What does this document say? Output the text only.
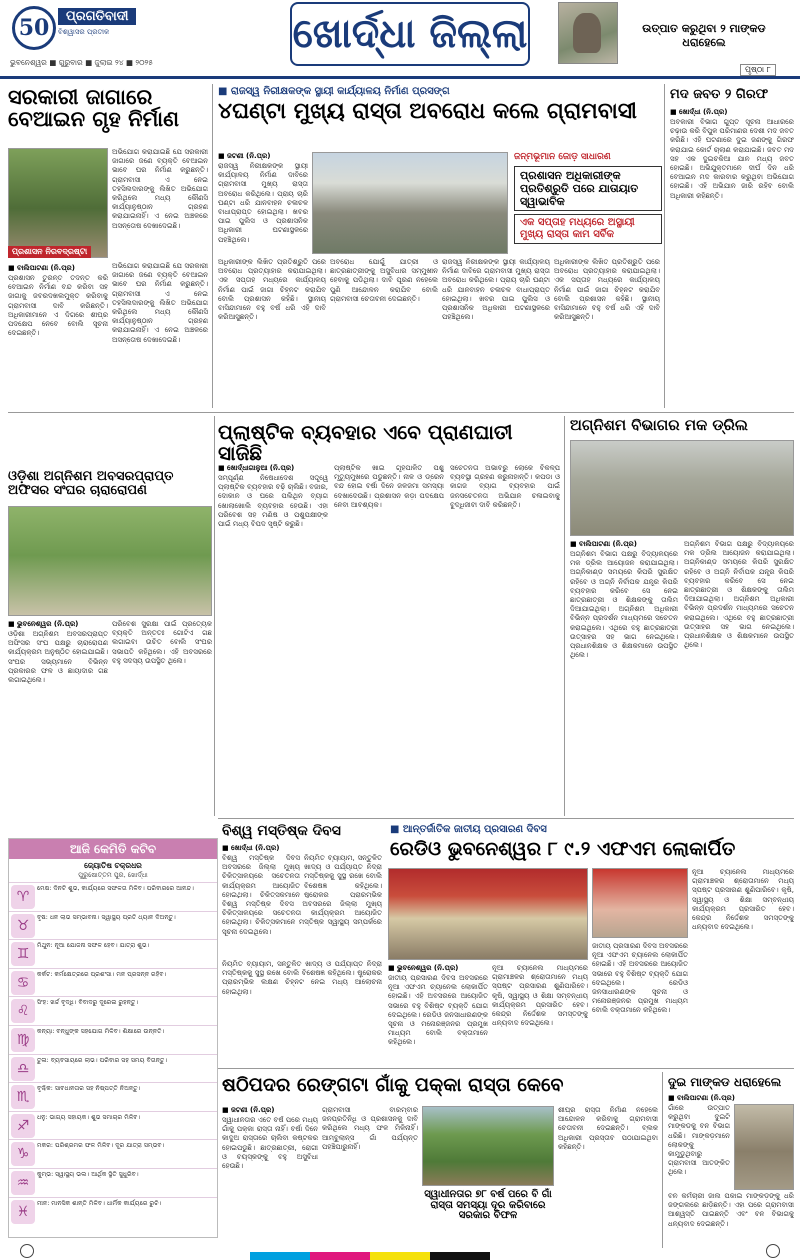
50	ପ୍ରଗତିବାଦୀ
ବିଶ୍ୱାସର ପ୍ରତୀକ
ଭୁବନେଶ୍ୱର ■ ଗୁରୁବାର ■ ଜୁଲାଇ ୨୪ ■ ୨୦୨୫
ଖୋର୍ଦ୍ଧା ଜିଲ୍ଲା	ଉତ୍ପାତ କରୁଥିବା ୨ ମାଙ୍କଡ ଧରାହେଲେ
ପୃଷ୍ଠା ୮
ସରକାରୀ ଜାଗାରେ ବେଆଇନ ଗୃହ ନିର୍ମାଣ
ପ୍ରଶାସନ ନିରବଦ୍ରଷ୍ଟା
ଅଭିଯୋଗ କରାଯାଇଛି ଯେ ସରକାରୀ ଜାଗାରେ ଜଣେ ବ୍ୟକ୍ତି ବେଆଇନ ଭାବେ ଘର ନିର୍ମାଣ କରୁଛନ୍ତି। ଗ୍ରାମବାସୀ ଏ ନେଇ ତହସିଲଦାରଙ୍କୁ ଲିଖିତ ଅଭିଯୋଗ କରିଥିଲେ ମଧ୍ୟ କୌଣସି କାର୍ଯ୍ୟାନୁଷ୍ଠାନ ଗ୍ରହଣ କରାଯାଇନାହିଁ। ଏ ନେଇ ଅଞ୍ଚଳରେ ଅସନ୍ତୋଷ ଦେଖାଦେଇଛି।
■ ବାଲିପାଟଣା (ନି.ପ୍ର)
ପ୍ରଶାସନ ତୁରନ୍ତ ତଦନ୍ତ କରି ବେଆଇନ ନିର୍ମାଣ ବନ୍ଦ କରିବା ସହ ଜାଗାକୁ ଜବରଦଖଲମୁକ୍ତ କରିବାକୁ ଗ୍ରାମବାସୀ ଦାବି କରିଛନ୍ତି। ଅଧିକାରୀମାନେ ଏ ଦିଗରେ ଶୀଘ୍ର ପଦକ୍ଷେପ ନେବେ ବୋଲି ସୂଚନା ଦେଇଛନ୍ତି।
ଅଭିଯୋଗ କରାଯାଇଛି ଯେ ସରକାରୀ ଜାଗାରେ ଜଣେ ବ୍ୟକ୍ତି ବେଆଇନ ଭାବେ ଘର ନିର୍ମାଣ କରୁଛନ୍ତି। ଗ୍ରାମବାସୀ ଏ ନେଇ ତହସିଲଦାରଙ୍କୁ ଲିଖିତ ଅଭିଯୋଗ କରିଥିଲେ ମଧ୍ୟ କୌଣସି କାର୍ଯ୍ୟାନୁଷ୍ଠାନ ଗ୍ରହଣ କରାଯାଇନାହିଁ। ଏ ନେଇ ଅଞ୍ଚଳରେ ଅସନ୍ତୋଷ ଦେଖାଦେଇଛି।
■ ରାଜସ୍ୱ ନିରୀକ୍ଷକଙ୍କ ସ୍ଥାୟୀ କାର୍ଯ୍ୟାଳୟ ନିର୍ମାଣ ପ୍ରସଙ୍ଗ
୪ଘଣ୍ଟା ମୁଖ୍ୟ ରାସ୍ତା ଅବରୋଧ କଲେ ଗ୍ରାମବାସୀ
■ ଜଟଣୀ (ନି.ପ୍ର)
ରାଜସ୍ୱ ନିରୀକ୍ଷକଙ୍କ ସ୍ଥାୟୀ କାର୍ଯ୍ୟାଳୟ ନିର୍ମାଣ ଦାବିରେ ଗ୍ରାମବାସୀ ମୁଖ୍ୟ ରାସ୍ତା ଅବରୋଧ କରିଥିଲେ। ପ୍ରାୟ ଚାରି ଘଣ୍ଟା ଧରି ଯାନବାହନ ଚଳାଚଳ ବାଧାପ୍ରାପ୍ତ ହୋଇଥିଲା। ଖବର ପାଇ ପୁଲିସ ଓ ପ୍ରଶାସନିକ ଅଧିକାରୀ ଘଟଣାସ୍ଥଳରେ ପହଞ୍ଚିଥିଲେ।
ଜନ୍ମଭୂମାନ ଜୋଡ଼ ସାଧାରଣ
ପ୍ରଶାସନ ଅଧିକାରୀଙ୍କ ପ୍ରତିଶ୍ରୁତି ପରେ ଯାତାୟାତ ସ୍ୱାଭାବିକ
ଏକ ସପ୍ତାହ ମଧ୍ୟରେ ଅସ୍ଥାୟୀ ମୁଖ୍ୟ ରାସ୍ତା କାମ ସର୍ବିକ
ଅଧିକାରୀଙ୍କ ଲିଖିତ ପ୍ରତିଶ୍ରୁତି ପରେ ଅବରୋଧ ପ୍ରତ୍ୟାହାର କରାଯାଇଥିଲା। ଏକ ସପ୍ତାହ ମଧ୍ୟରେ କାର୍ଯ୍ୟାଳୟ ନିର୍ମାଣ ପାଇଁ ଜାଗା ଚିହ୍ନଟ କରାଯିବ ବୋଲି ପ୍ରଶାସନ କହିଛି। ସ୍ଥାନୀୟ ବାସିନ୍ଦାମାନେ ବହୁ ବର୍ଷ ଧରି ଏହି ଦାବି କରିଆସୁଛନ୍ତି।
ଅବରୋଧ ଯୋଗୁଁ ଯାତ୍ରୀ ଓ ଛାତ୍ରଛାତ୍ରୀଙ୍କୁ ଅସୁବିଧାର ସମ୍ମୁଖୀନ ହେବାକୁ ପଡିଥିଲା। ଦାବି ପୂରଣ ନହେଲେ ପୁଣି ଆନ୍ଦୋଳନ କରାଯିବ ବୋଲି ଗ୍ରାମବାସୀ ଚେତାବନୀ ଦେଇଛନ୍ତି।
ରାଜସ୍ୱ ନିରୀକ୍ଷକଙ୍କ ସ୍ଥାୟୀ କାର୍ଯ୍ୟାଳୟ ନିର୍ମାଣ ଦାବିରେ ଗ୍ରାମବାସୀ ମୁଖ୍ୟ ରାସ୍ତା ଅବରୋଧ କରିଥିଲେ। ପ୍ରାୟ ଚାରି ଘଣ୍ଟା ଧରି ଯାନବାହନ ଚଳାଚଳ ବାଧାପ୍ରାପ୍ତ ହୋଇଥିଲା। ଖବର ପାଇ ପୁଲିସ ଓ ପ୍ରଶାସନିକ ଅଧିକାରୀ ଘଟଣାସ୍ଥଳରେ ପହଞ୍ଚିଥିଲେ।
ଅଧିକାରୀଙ୍କ ଲିଖିତ ପ୍ରତିଶ୍ରୁତି ପରେ ଅବରୋଧ ପ୍ରତ୍ୟାହାର କରାଯାଇଥିଲା। ଏକ ସପ୍ତାହ ମଧ୍ୟରେ କାର୍ଯ୍ୟାଳୟ ନିର୍ମାଣ ପାଇଁ ଜାଗା ଚିହ୍ନଟ କରାଯିବ ବୋଲି ପ୍ରଶାସନ କହିଛି। ସ୍ଥାନୀୟ ବାସିନ୍ଦାମାନେ ବହୁ ବର୍ଷ ଧରି ଏହି ଦାବି କରିଆସୁଛନ୍ତି।
ମଦ ଜବତ ୨ ଗିରଫ
■ ଖୋର୍ଦ୍ଧା (ନି.ପ୍ର)
ଅବକାରୀ ବିଭାଗ ଗୁପ୍ତ ସୂଚନା ଆଧାରରେ ଚଢ଼ାଉ କରି ବିପୁଳ ପରିମାଣର ଦେଶୀ ମଦ ଜବତ କରିଛି। ଏହି ଘଟଣାରେ ଦୁଇ ଜଣଙ୍କୁ ଗିରଫ କରାଯାଇ କୋର୍ଟ ଚାଲାଣ କରାଯାଇଛି। ଜବତ ମଦ ସହ ଏକ ଦୁଇଚକିଆ ଯାନ ମଧ୍ୟ ଜବତ ହୋଇଛି। ଅଭିଯୁକ୍ତମାନେ ଦୀର୍ଘ ଦିନ ଧରି ବେଆଇନ ମଦ କାରବାର କରୁଥିବା ଅଭିଯୋଗ ହୋଇଛି। ଏହି ଅଭିଯାନ ଜାରି ରହିବ ବୋଲି ଅଧିକାରୀ କହିଛନ୍ତି।
ପ୍ଲାଷ୍ଟିକ ବ୍ୟବହାର ଏବେ ପ୍ରାଣଘାତୀ ସାଜିଛି
■ ଖୋର୍ଦ୍ଧାଗାଳୁଆ (ନି.ପ୍ର)
ସମ୍ପୂର୍ଣ୍ଣ ନିଷେଧାଦେଶ ସତ୍ତ୍ୱେ ପ୍ଲାଷ୍ଟିକ ବ୍ୟବହାର ବଢ଼ି ଚାଲିଛି। ବଜାର, ଦୋକାନ ଓ ଘରେ ପଲିଥିନ ବ୍ୟାଗ ଖୋଲାଖୋଲି ବ୍ୟବହାର ହେଉଛି। ଏହା ପରିବେଶ ସହ ମଣିଷ ଓ ପଶୁପକ୍ଷୀଙ୍କ ପାଇଁ ମଧ୍ୟ ବିପଦ ସୃଷ୍ଟି କରୁଛି।
ପ୍ଲାଷ୍ଟିକ ଖାଇ ଗୃହପାଳିତ ପଶୁ ମୃତ୍ୟୁମୁଖରେ ପଡୁଛନ୍ତି। ନାଳ ଓ ଡ୍ରେନ ବନ୍ଦ ହୋଇ ବର୍ଷା ଦିନେ ଜଳଜମା ସମସ୍ୟା ଦେଖାଦେଉଛି। ପ୍ରଶାସନ କଡ଼ା ପଦକ୍ଷେପ ନେବା ଆବଶ୍ୟକ।
ସଚେତନତା ଅଭାବରୁ ଲୋକେ ବିକଳ୍ପ ବ୍ୟବସ୍ଥା ଗ୍ରହଣ କରୁନାହାନ୍ତି। କପଡା ଓ କାଗଜ ବ୍ୟାଗ ବ୍ୟବହାର ପାଇଁ ଜନସଚେତନତା ଅଭିଯାନ ଚଳାଇବାକୁ ବୁଦ୍ଧିଜୀବୀ ଦାବି କରିଛନ୍ତି।
ଅଗ୍ନିଶମ ବିଭାଗର ମକ ଡ୍ରିଲ
■ ବାଲିପାଟଣା (ନି.ପ୍ର)
ଅଗ୍ନିଶମ ବିଭାଗ ପକ୍ଷରୁ ବିଦ୍ୟାଳୟରେ ମକ ଡ୍ରିଲ ଆୟୋଜନ କରାଯାଇଥିଲା। ଅଗ୍ନିକାଣ୍ଡ ସମୟରେ କିପରି ସୁରକ୍ଷିତ ରହିବେ ଓ ଅଗ୍ନି ନିର୍ବାପକ ଯନ୍ତ୍ର କିପରି ବ୍ୟବହାର କରିବେ ସେ ନେଇ ଛାତ୍ରଛାତ୍ରୀ ଓ ଶିକ୍ଷକଙ୍କୁ ତାଲିମ ଦିଆଯାଇଥିଲା। ଅଗ୍ନିଶମ ଅଧିକାରୀ ବିଭିନ୍ନ ପ୍ରଦର୍ଶନ ମାଧ୍ୟମରେ ସଚେତନ କରାଇଥିଲେ। ଏଥିରେ ବହୁ ଛାତ୍ରଛାତ୍ରୀ ଉତ୍ସାହର ସହ ଭାଗ ନେଇଥିଲେ। ପ୍ରଧାନଶିକ୍ଷକ ଓ ଶିକ୍ଷକମାନେ ଉପସ୍ଥିତ ଥିଲେ।
ଅଗ୍ନିଶମ ବିଭାଗ ପକ୍ଷରୁ ବିଦ୍ୟାଳୟରେ ମକ ଡ୍ରିଲ ଆୟୋଜନ କରାଯାଇଥିଲା। ଅଗ୍ନିକାଣ୍ଡ ସମୟରେ କିପରି ସୁରକ୍ଷିତ ରହିବେ ଓ ଅଗ୍ନି ନିର୍ବାପକ ଯନ୍ତ୍ର କିପରି ବ୍ୟବହାର କରିବେ ସେ ନେଇ ଛାତ୍ରଛାତ୍ରୀ ଓ ଶିକ୍ଷକଙ୍କୁ ତାଲିମ ଦିଆଯାଇଥିଲା। ଅଗ୍ନିଶମ ଅଧିକାରୀ ବିଭିନ୍ନ ପ୍ରଦର୍ଶନ ମାଧ୍ୟମରେ ସଚେତନ କରାଇଥିଲେ। ଏଥିରେ ବହୁ ଛାତ୍ରଛାତ୍ରୀ ଉତ୍ସାହର ସହ ଭାଗ ନେଇଥିଲେ। ପ୍ରଧାନଶିକ୍ଷକ ଓ ଶିକ୍ଷକମାନେ ଉପସ୍ଥିତ ଥିଲେ।
ଓଡ଼ିଶା ଅଗ୍ନିଶମ ଅବସରପ୍ରାପ୍ତ ଅଫିସର ସଂଘର ଚାରାରୋପଣ
■ ଭୁବନେଶ୍ୱର (ନି.ପ୍ର)
ଓଡ଼ିଶା ଅଗ୍ନିଶମ ଅବସରପ୍ରାପ୍ତ ଅଫିସର ସଂଘ ପକ୍ଷରୁ ଚାରାରୋପଣ କାର୍ଯ୍ୟକ୍ରମ ଅନୁଷ୍ଠିତ ହୋଇଯାଇଛି। ସଂଘର ସଭ୍ୟମାନେ ବିଭିନ୍ନ ପ୍ରକାରର ଫଳ ଓ ଛାୟାଦାର ଗଛ ଲଗାଇଥିଲେ।
ପରିବେଶ ସୁରକ୍ଷା ପାଇଁ ପ୍ରତ୍ୟେକ ବ୍ୟକ୍ତି ଅନ୍ତତଃ ଗୋଟିଏ ଗଛ ଲଗାଇବା ଉଚିତ ବୋଲି ସଂଘର ସଭାପତି କହିଥିଲେ। ଏହି ଅବସରରେ ବହୁ ସଦସ୍ୟ ଉପସ୍ଥିତ ଥିଲେ।
ଆଜି କେମିତି କଟିବ
ଜ୍ୟୋତିଷ ଚକ୍ରଧର
ପୁରୁଷୋତ୍ତମ ପୁର, ଖୋର୍ଦ୍ଧା
♈
ମେଷ: ଦିନଟି ଶୁଭ, କାର୍ଯ୍ୟରେ ସଫଳତା ମିଳିବ। ପରିବାରରେ ଆନନ୍ଦ।
♉
ବୃଷ: ଧନ ଲାଭ ସମ୍ଭାବନା। ସ୍ୱାସ୍ଥ୍ୟ ପ୍ରତି ଧ୍ୟାନ ଦିଅନ୍ତୁ।
♊
ମିଥୁନ: ନୂଆ ଯୋଜନା ସଫଳ ହେବ। ଯାତ୍ରା ଶୁଭ।
♋
କର୍କଟ: କର୍ମକ୍ଷେତ୍ରରେ ପ୍ରଶଂସା। ମନ ପ୍ରସନ୍ନ ରହିବ।
♌
ସିଂହ: ଖର୍ଚ୍ଚ ବୃଦ୍ଧି। ବିବାଦରୁ ଦୂରେଇ ରୁହନ୍ତୁ।
♍
କନ୍ୟା: ବନ୍ଧୁଙ୍କ ସହଯୋଗ ମିଳିବ। ଶିକ୍ଷାରେ ଉନ୍ନତି।
♎
ତୁଳା: ବ୍ୟବସାୟରେ ଲାଭ। ପରିବାର ସହ ସମୟ ବିତାନ୍ତୁ।
♏
ବୃଶ୍ଚିକ: ସାବଧାନତାର ସହ ନିଷ୍ପତ୍ତି ନିଅନ୍ତୁ।
♐
ଧନୁ: ଭାଗ୍ୟ ସହାୟକ। ଶୁଭ ସମାଚାର ମିଳିବ।
♑
ମକର: ପରିଶ୍ରମର ଫଳ ମିଳିବ। ଦୂର ଯାତ୍ରା ସମ୍ଭବ।
♒
କୁମ୍ଭ: ସ୍ୱାସ୍ଥ୍ୟ ଭଲ। ଆର୍ଥିକ ସ୍ଥିତି ସୁଧୁରିବ।
♓
ମୀନ: ମାନସିକ ଶାନ୍ତି ମିଳିବ। ଧାର୍ମିକ କାର୍ଯ୍ୟରେ ରୁଚି।
ବିଶ୍ୱ ମସ୍ତିଷ୍କ ଦିବସ
■ ଖୋର୍ଦ୍ଧା (ନି.ପ୍ର)
ବିଶ୍ୱ ମସ୍ତିଷ୍କ ଦିବସ ଅବସରରେ ଜିଲ୍ଲା ମୁଖ୍ୟ ଚିକିତ୍ସାଳୟରେ ସଚେତନତା କାର୍ଯ୍ୟକ୍ରମ ଆୟୋଜିତ ହୋଇଥିଲା। ଚିକିତ୍ସକମାନେ
ନିୟମିତ ବ୍ୟାୟାମ, ସନ୍ତୁଳିତ ଖାଦ୍ୟ ଓ ପର୍ଯ୍ୟାପ୍ତ ନିଦ୍ରା ମସ୍ତିଷ୍କକୁ ସୁସ୍ଥ ରଖେ ବୋଲି ବିଶେଷଜ୍ଞ କହିଥିଲେ। ଷ୍ଟ୍ରୋକର ପ୍ରାରମ୍ଭିକ
■ ଆନ୍ତର୍ଜାତିକ ଜାତୀୟ ପ୍ରସାରଣ ଦିବସ
ରେଡିଓ ଭୁବନେଶ୍ୱର ୮ ୯.୨ ଏଫଏମ ଲୋକାର୍ପିତ
ବିଶ୍ୱ ମସ୍ତିଷ୍କ ଦିବସ ଅବସରରେ ଜିଲ୍ଲା ମୁଖ୍ୟ ଚିକିତ୍ସାଳୟରେ ସଚେତନତା କାର୍ଯ୍ୟକ୍ରମ ଆୟୋଜିତ ହୋଇଥିଲା। ଚିକିତ୍ସକମାନେ ମସ୍ତିଷ୍କ ସ୍ୱାସ୍ଥ୍ୟ ସମ୍ପର୍କରେ ସୂଚନା ଦେଇଥିଲେ।
■ ଭୁବନେଶ୍ୱର (ନି.ପ୍ର)
ଜାତୀୟ ପ୍ରସାରଣ ଦିବସ ଅବସରରେ ନୂଆ ଏଫଏମ ଚ୍ୟାନେଲ ଲୋକାର୍ପିତ ହୋଇଛି। ଏହି ଅବସରରେ ଆୟୋଜିତ ସଭାରେ ବହୁ ବିଶିଷ୍ଟ ବ୍ୟକ୍ତି ଯୋଗ ଦେଇଥିଲେ। ରେଡିଓ ଜନସାଧାରଣଙ୍କ ସୂଚନା ଓ ମନୋରଞ୍ଜନର ପ୍ରମୁଖ ମାଧ୍ୟମ ବୋଲି ବକ୍ତାମାନେ କହିଥିଲେ।
ନୂଆ ଚ୍ୟାନେଲ ମାଧ୍ୟମରେ ଗ୍ରାମାଞ୍ଚଳର ଶ୍ରୋତାମାନେ ମଧ୍ୟ ସ୍ପଷ୍ଟ ପ୍ରସାରଣ ଶୁଣିପାରିବେ। କୃଷି, ସ୍ୱାସ୍ଥ୍ୟ ଓ ଶିକ୍ଷା ସମ୍ବନ୍ଧୀୟ କାର୍ଯ୍ୟକ୍ରମ ପ୍ରସାରିତ ହେବ। କେନ୍ଦ୍ର ନିର୍ଦ୍ଦେଶକ ସମସ୍ତଙ୍କୁ ଧନ୍ୟବାଦ ଦେଇଥିଲେ।
ଜାତୀୟ ପ୍ରସାରଣ ଦିବସ ଅବସରରେ ନୂଆ ଏଫଏମ ଚ୍ୟାନେଲ ଲୋକାର୍ପିତ ହୋଇଛି। ଏହି ଅବସରରେ ଆୟୋଜିତ ସଭାରେ ବହୁ ବିଶିଷ୍ଟ ବ୍ୟକ୍ତି ଯୋଗ ଦେଇଥିଲେ। ରେଡିଓ ଜନସାଧାରଣଙ୍କ ସୂଚନା ଓ ମନୋରଞ୍ଜନର ପ୍ରମୁଖ ମାଧ୍ୟମ ବୋଲି ବକ୍ତାମାନେ କହିଥିଲେ।
ନୂଆ ଚ୍ୟାନେଲ ମାଧ୍ୟମରେ ଗ୍ରାମାଞ୍ଚଳର ଶ୍ରୋତାମାନେ ମଧ୍ୟ ସ୍ପଷ୍ଟ ପ୍ରସାରଣ ଶୁଣିପାରିବେ। କୃଷି, ସ୍ୱାସ୍ଥ୍ୟ ଓ ଶିକ୍ଷା ସମ୍ବନ୍ଧୀୟ କାର୍ଯ୍ୟକ୍ରମ ପ୍ରସାରିତ ହେବ। କେନ୍ଦ୍ର ନିର୍ଦ୍ଦେଶକ ସମସ୍ତଙ୍କୁ ଧନ୍ୟବାଦ ଦେଇଥିଲେ।
ନିୟମିତ ବ୍ୟାୟାମ, ସନ୍ତୁଳିତ ଖାଦ୍ୟ ଓ ପର୍ଯ୍ୟାପ୍ତ ନିଦ୍ରା ମସ୍ତିଷ୍କକୁ ସୁସ୍ଥ ରଖେ ବୋଲି ବିଶେଷଜ୍ଞ କହିଥିଲେ। ଷ୍ଟ୍ରୋକର ପ୍ରାରମ୍ଭିକ ଲକ୍ଷଣ ଚିହ୍ନଟ ନେଇ ମଧ୍ୟ ଆଲୋଚନା ହୋଇଥିଲା।
ଷଠିପଦର ରେଙ୍ଗଟା ଗାଁକୁ ପକ୍କା ରାସ୍ତା କେବେ
■ ଜଟଣୀ (ନି.ପ୍ର)
ସ୍ୱାଧୀନତାର ଏତେ ବର୍ଷ ପରେ ମଧ୍ୟ ଗାଁକୁ ପକ୍କା ରାସ୍ତା ନାହିଁ। ବର୍ଷା ଦିନେ କାଦୁଅ ରାସ୍ତାରେ ଚାଲିବା କଷ୍ଟକର ହୋଇପଡୁଛି। ଛାତ୍ରଛାତ୍ରୀ, ରୋଗୀ ଓ ବୟସ୍କଙ୍କୁ ବହୁ ଅସୁବିଧା ହେଉଛି।
ଗ୍ରାମବାସୀ ବାରମ୍ବାର ଜନପ୍ରତିନିଧି ଓ ପ୍ରଶାସନକୁ ଦାବି କରିଥିଲେ ମଧ୍ୟ ଫଳ ମିଳିନାହିଁ। ଆମ୍ବୁଲାନ୍ସ ଗାଁ ପର୍ଯ୍ୟନ୍ତ ପହଞ୍ଚିପାରୁନାହିଁ।
ସ୍ୱାଧୀନତାର ୭୮ ବର୍ଷ ପରେ ବି ଗାଁ ରାସ୍ତା ସମସ୍ୟା ଦୂର କରିବାରେ ସରକାର ବିଫଳ
ଶୀଘ୍ର ରାସ୍ତା ନିର୍ମାଣ ନହେଲେ ଆନ୍ଦୋଳନ କରିବାକୁ ଗ୍ରାମବାସୀ ଚେତାବନୀ ଦେଇଛନ୍ତି। ବ୍ଲକ ଅଧିକାରୀ ପ୍ରସ୍ତାବ ପଠାଯାଇଥିବା କହିଛନ୍ତି।
ଦୁଇ ମାଙ୍କଡ ଧରାହେଲେ
■ ବାଲିପାଟଣା (ନି.ପ୍ର)
ଗାଁରେ ଉତ୍ପାତ କରୁଥିବା ଦୁଇଟି ମାଙ୍କଡକୁ ବନ ବିଭାଗ ଧରିଛି। ମାଙ୍କଡ଼ମାନେ ଲୋକଙ୍କୁ କାମୁଡୁଥିବାରୁ ଗ୍ରାମବାସୀ ଆତଙ୍କିତ ଥିଲେ।
ବନ କର୍ମଚାରୀ ଜାଲ ପକାଇ ମାଙ୍କଡ଼ଙ୍କୁ ଧରି ଜଙ୍ଗଲରେ ଛାଡ଼ିଛନ୍ତି। ଏହା ପରେ ଗ୍ରାମବାସୀ ଆଶ୍ୱସ୍ତି ପାଇଛନ୍ତି ଏବଂ ବନ ବିଭାଗକୁ ଧନ୍ୟବାଦ ଦେଇଛନ୍ତି।
